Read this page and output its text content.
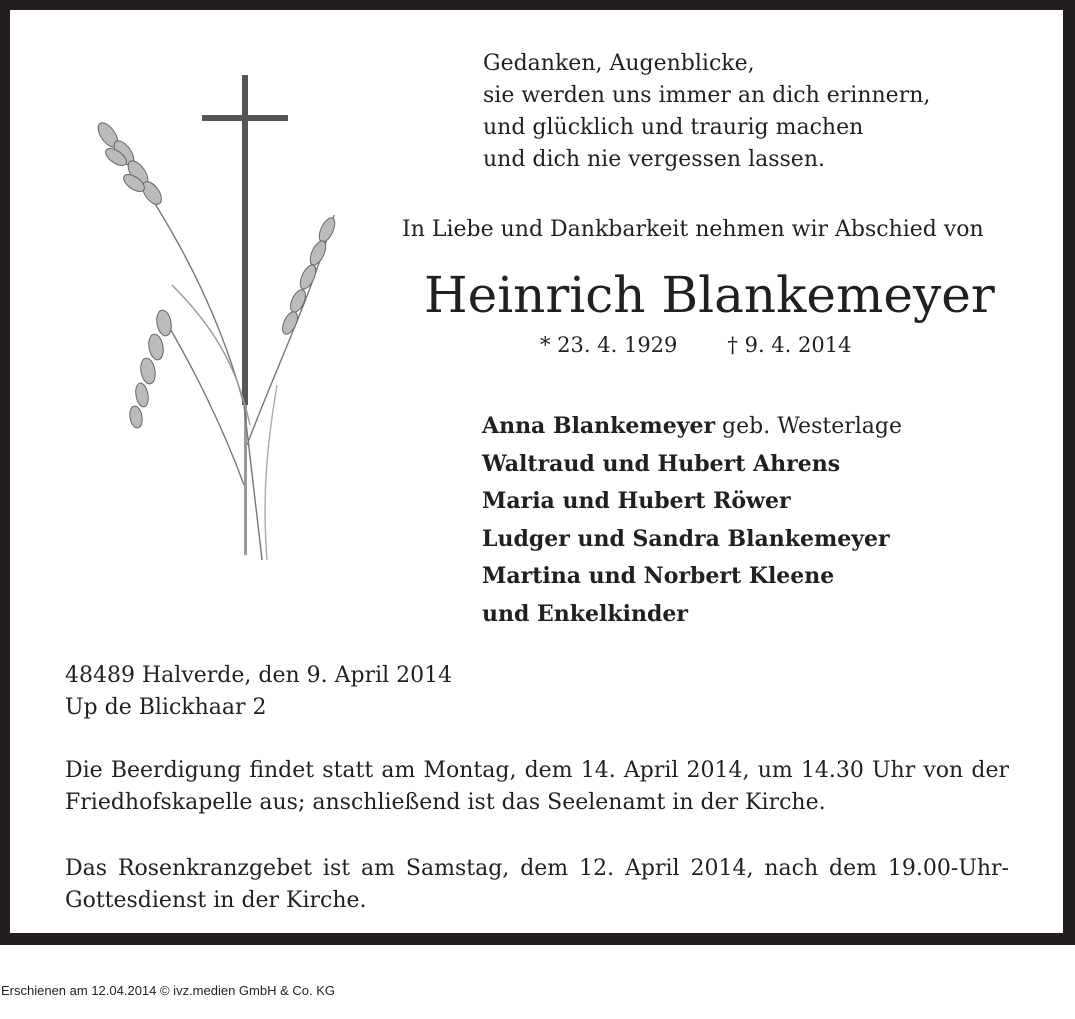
Gedanken, Augenblicke,
sie werden uns immer an dich erinnern,
und glücklich und traurig machen
und dich nie vergessen lassen.
In Liebe und Dankbarkeit nehmen wir Abschied von
Heinrich Blankemeyer
* 23. 4. 1929 † 9. 4. 2014
Anna Blankemeyer geb. Westerlage
Waltraud und Hubert Ahrens
Maria und Hubert Röwer
Ludger und Sandra Blankemeyer
Martina und Norbert Kleene
und Enkelkinder
48489 Halverde, den 9. April 2014
Up de Blickhaar 2
Die Beerdigung findet statt am Montag, dem 14. April 2014, um 14.30 Uhr von der Friedhofskapelle aus; anschließend ist das Seelenamt in der Kirche.
Das Rosenkranzgebet ist am Samstag, dem 12. April 2014, nach dem 19.00-Uhr-Gottesdienst in der Kirche.
Erschienen am 12.04.2014 © ivz.medien GmbH & Co. KG
